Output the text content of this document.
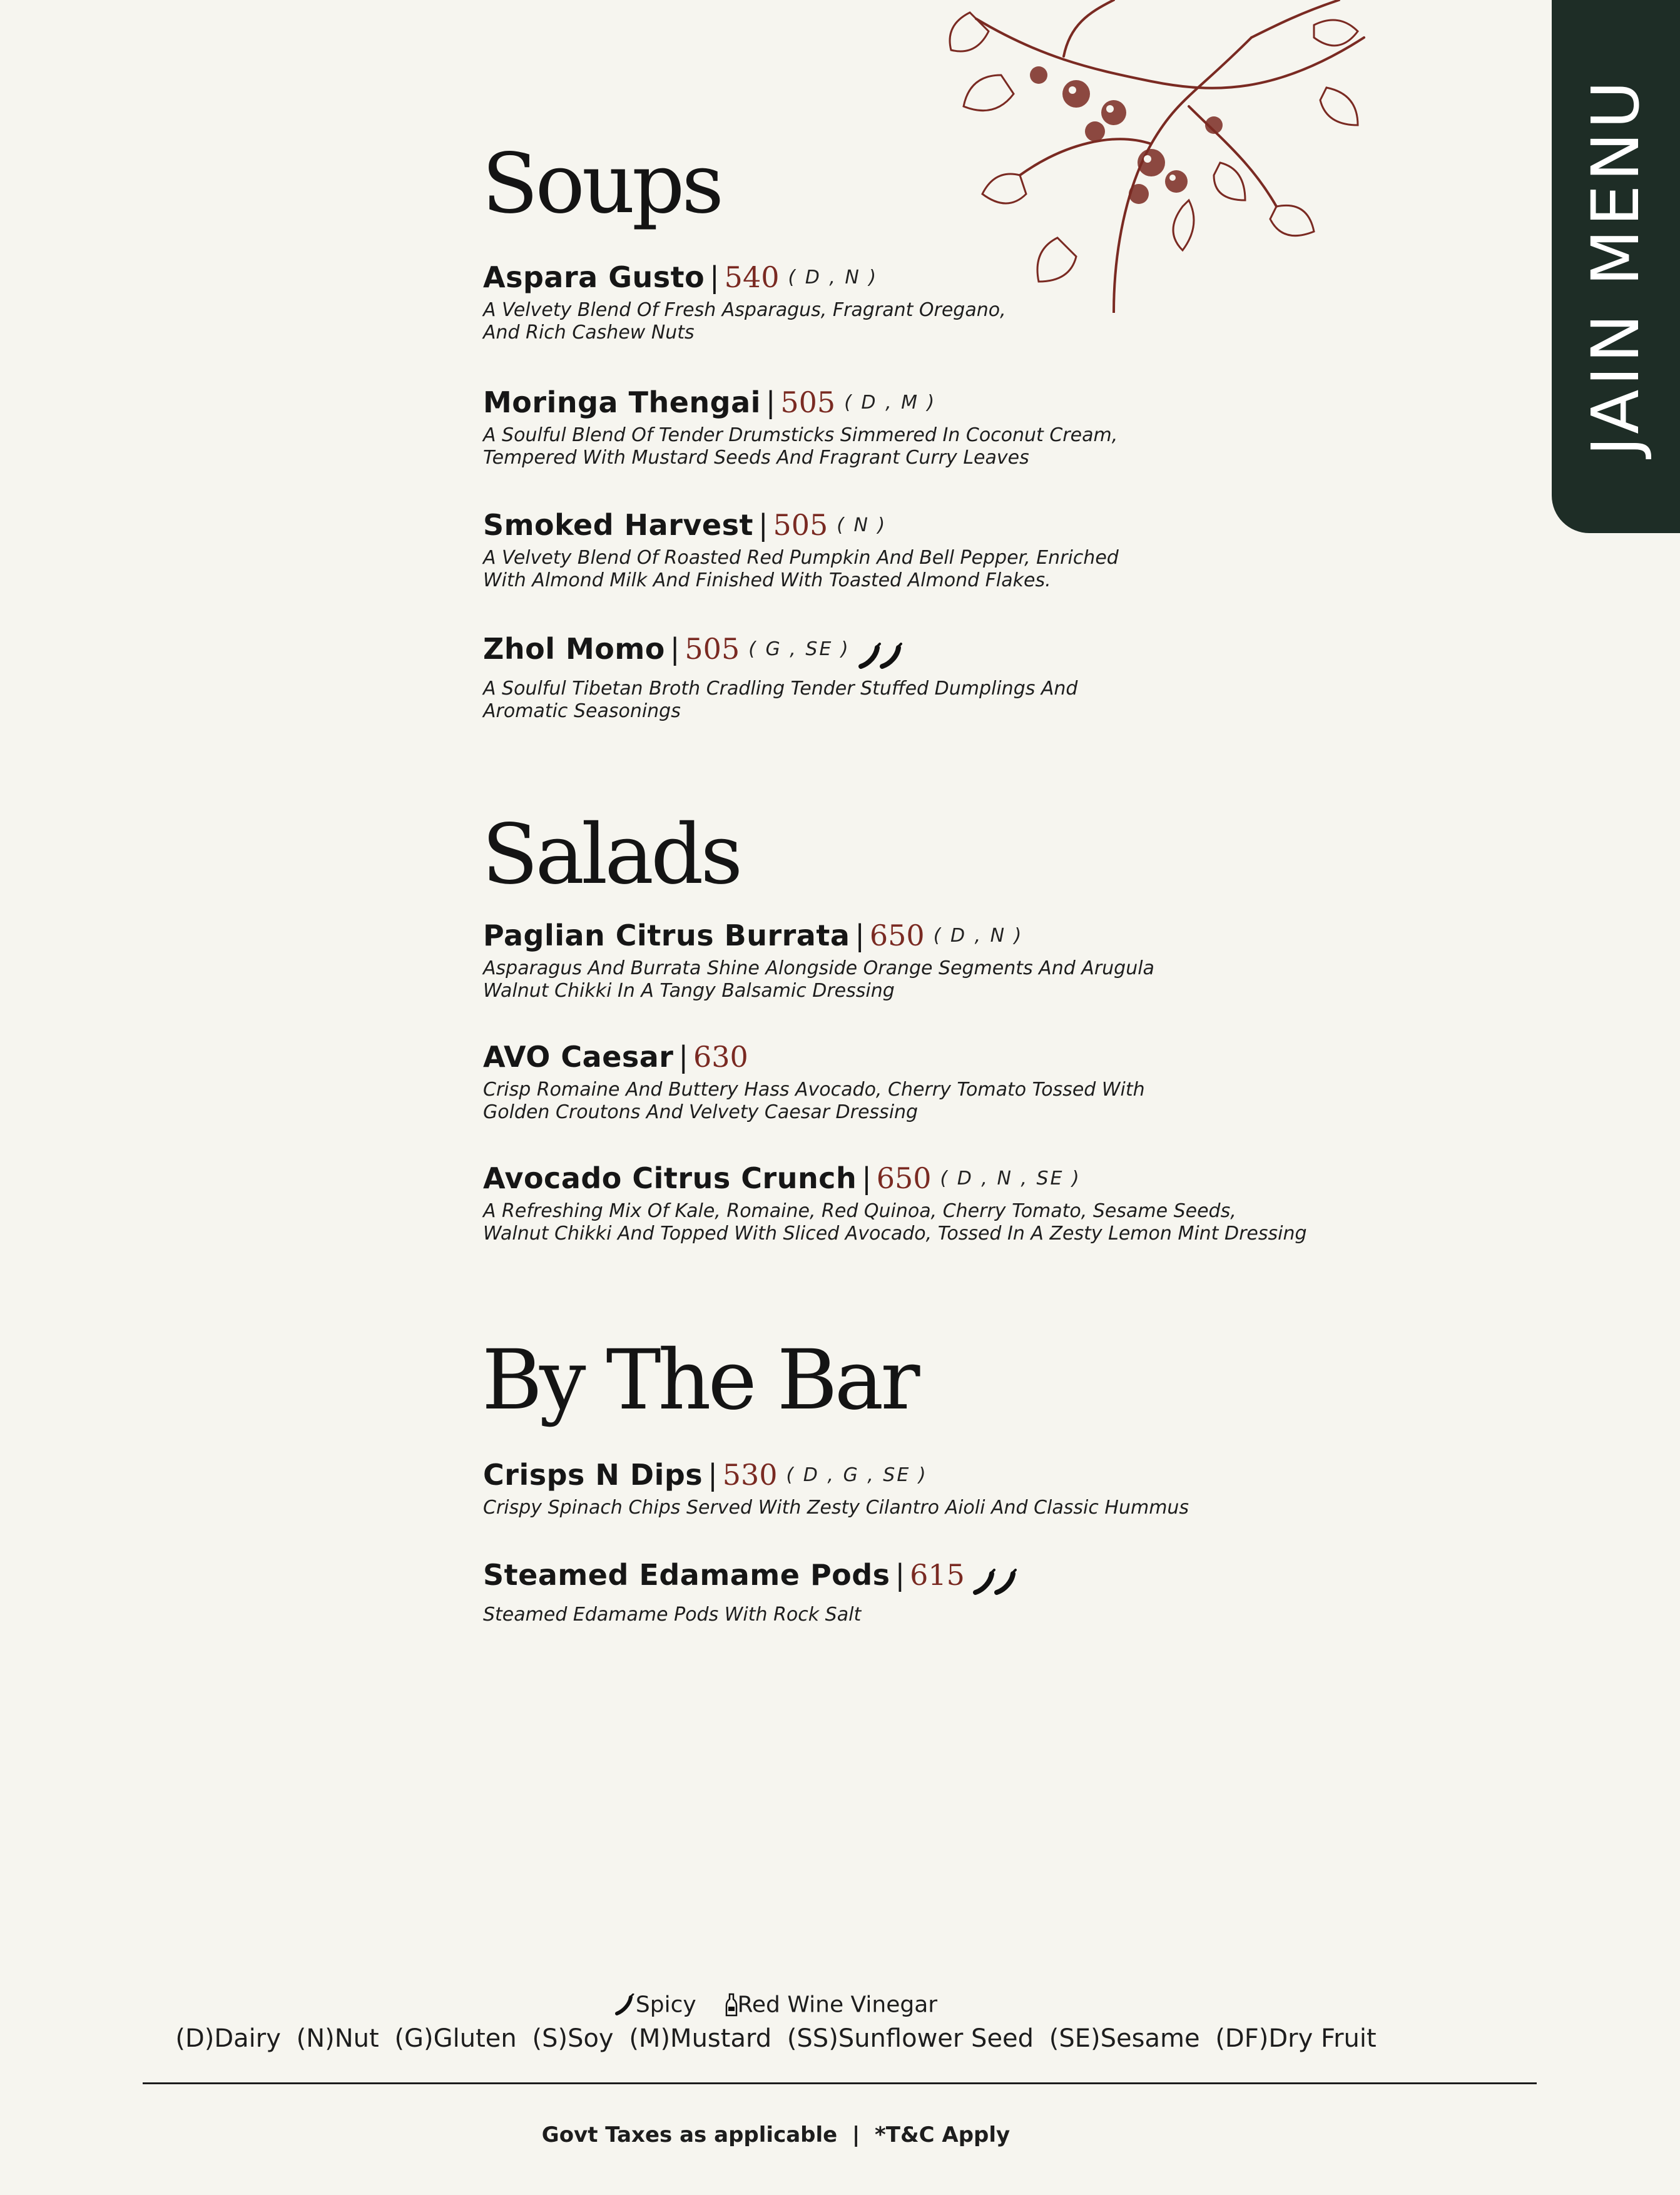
JAIN MENU
Soups
Aspara Gusto | 540 ( D , N )
A Velvety Blend Of Fresh Asparagus, Fragrant Oregano,
And Rich Cashew Nuts
Moringa Thengai | 505 ( D , M )
A Soulful Blend Of Tender Drumsticks Simmered In Coconut Cream,
Tempered With Mustard Seeds And Fragrant Curry Leaves
Smoked Harvest | 505 ( N )
A Velvety Blend Of Roasted Red Pumpkin And Bell Pepper, Enriched
With Almond Milk And Finished With Toasted Almond Flakes.
Zhol Momo | 505 ( G , SE )
A Soulful Tibetan Broth Cradling Tender Stuffed Dumplings And
Aromatic Seasonings
Salads
Paglian Citrus Burrata | 650 ( D , N )
Asparagus And Burrata Shine Alongside Orange Segments And Arugula
Walnut Chikki In A Tangy Balsamic Dressing
AVO Caesar | 630
Crisp Romaine And Buttery Hass Avocado, Cherry Tomato Tossed With
Golden Croutons And Velvety Caesar Dressing
Avocado Citrus Crunch | 650 ( D , N , SE )
A Refreshing Mix Of Kale, Romaine, Red Quinoa, Cherry Tomato, Sesame Seeds,
Walnut Chikki And Topped With Sliced Avocado, Tossed In A Zesty Lemon Mint Dressing
By The Bar
Crisps N Dips | 530 ( D , G , SE )
Crispy Spinach Chips Served With Zesty Cilantro Aioli And Classic Hummus
Steamed Edamame Pods | 615
Steamed Edamame Pods With Rock Salt
Spicy Red Wine Vinegar
(D)Dairy (N)Nut (G)Gluten (S)Soy (M)Mustard (SS)Sunflower Seed (SE)Sesame (DF)Dry Fruit
Govt Taxes as applicable  |  *T&C Apply
